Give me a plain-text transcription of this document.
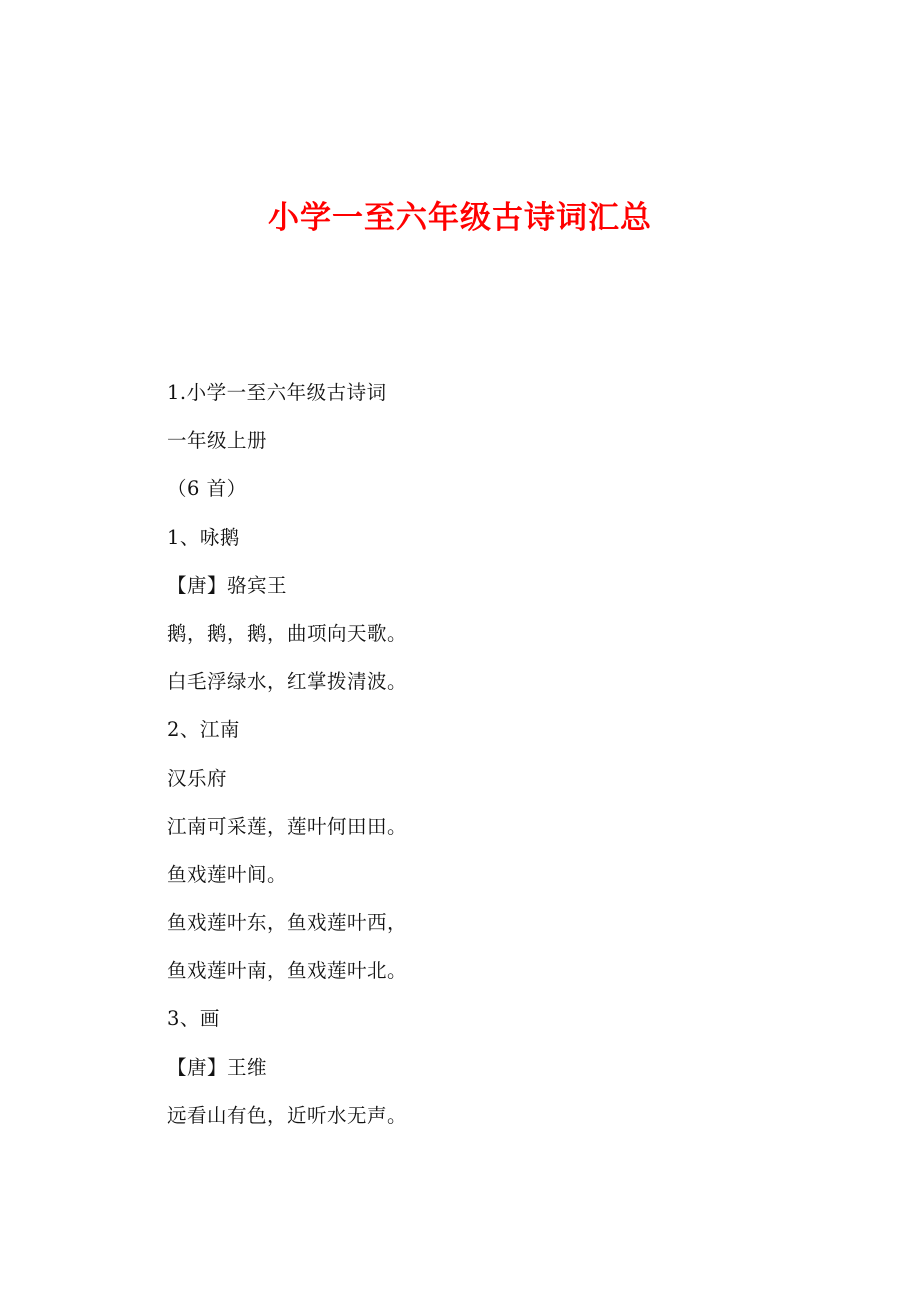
小学一至六年级古诗词汇总
1.小学一至六年级古诗词
一年级上册
（6 首）
1、咏鹅
【唐】骆宾王
鹅，鹅，鹅，曲项向天歌。
白毛浮绿水，红掌拨清波。
2、江南
汉乐府
江南可采莲，莲叶何田田。
鱼戏莲叶间。
鱼戏莲叶东，鱼戏莲叶西，
鱼戏莲叶南，鱼戏莲叶北。
3、画
【唐】王维
远看山有色，近听水无声。
